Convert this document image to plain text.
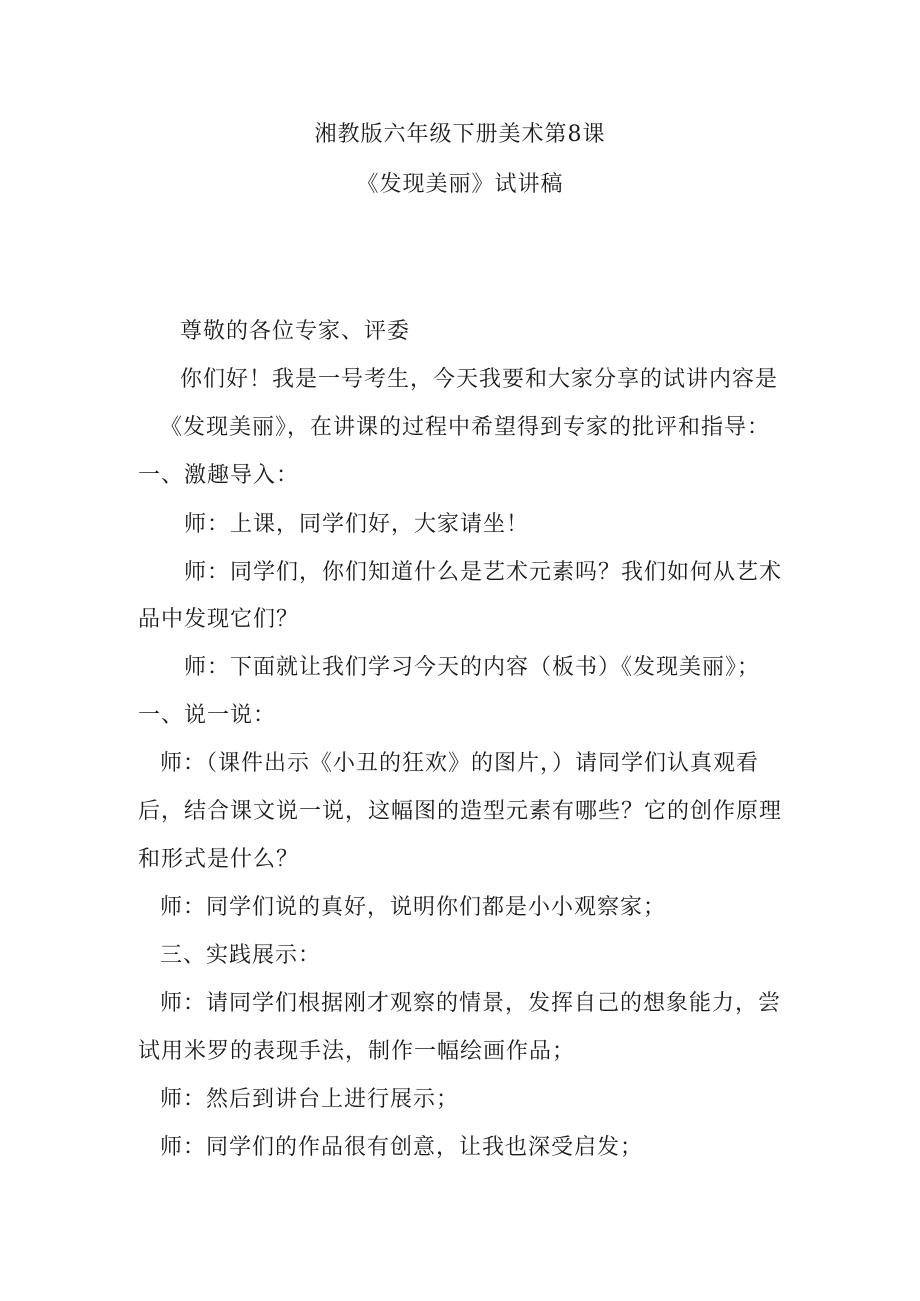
湘教版六年级下册美术第8课
《发现美丽》试讲稿
尊敬的各位专家、评委
你们好！我是一号考生，今天我要和大家分享的试讲内容是
《发现美丽》，在讲课的过程中希望得到专家的批评和指导：
一、激趣导入：
师：上课，同学们好，大家请坐！
师：同学们，你们知道什么是艺术元素吗？我们如何从艺术
品中发现它们？
师：下面就让我们学习今天的内容（板书）《发现美丽》；
一、说一说：
师：（课件出示《小丑的狂欢》的图片，）请同学们认真观看
后，结合课文说一说，这幅图的造型元素有哪些？它的创作原理
和形式是什么？
师：同学们说的真好，说明你们都是小小观察家；
三、实践展示：
师：请同学们根据刚才观察的情景，发挥自己的想象能力，尝
试用米罗的表现手法，制作一幅绘画作品；
师：然后到讲台上进行展示；
师：同学们的作品很有创意，让我也深受启发；
